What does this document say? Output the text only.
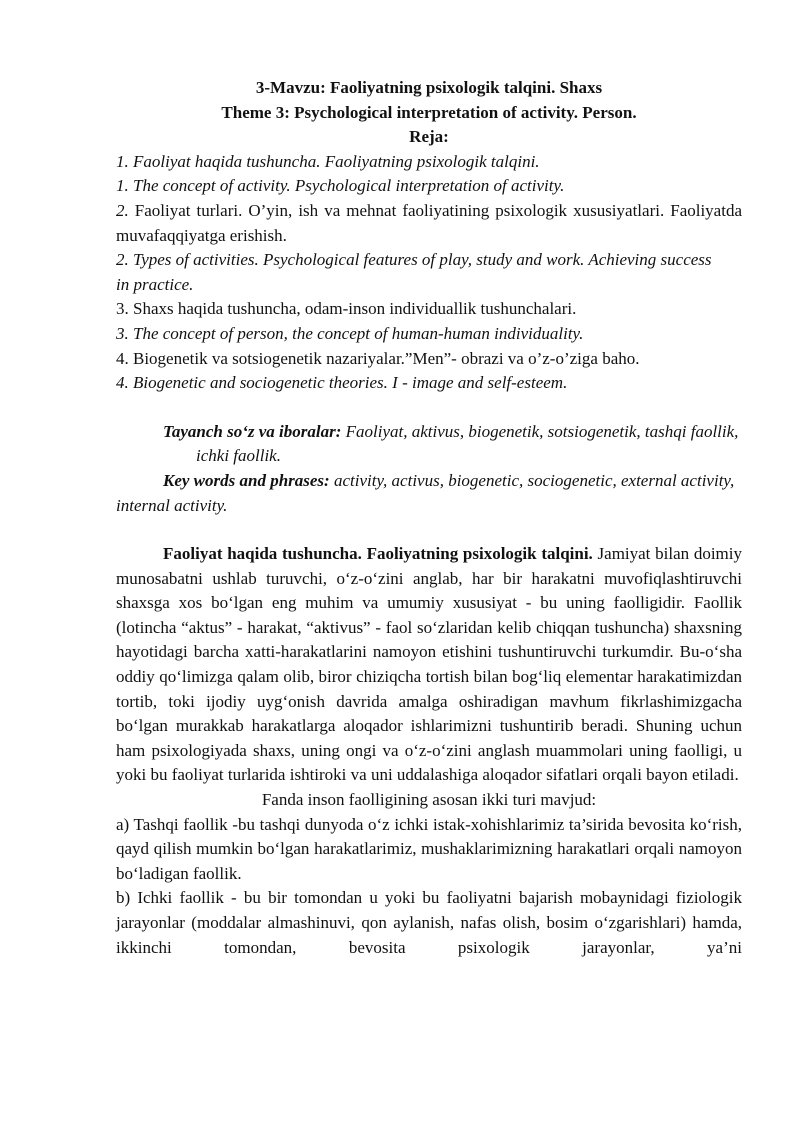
3-Mavzu: Faoliyatning psixologik talqini. Shaxs

Theme 3: Psychological interpretation of activity. Person.

Reja:

1. Faoliyat haqida tushuncha. Faoliyatning psixologik talqini.

1. The concept of activity. Psychological interpretation of activity.

2. Faoliyat turlari. O’yin, ish va mehnat faoliyatining psixologik xususiyatlari. Faoliyatda muvafaqqiyatga erishish.

2. Types of activities. Psychological features of play, study and work. Achieving success in practice.

3. Shaxs haqida tushuncha, odam-inson individuallik tushunchalari.

3. The concept of person, the concept of human-human individuality.

4. Biogenetik va sotsiogenetik nazariyalar.”Men”- obrazi va o’z-o’ziga baho.

4. Biogenetic and sociogenetic theories. I - image and self-esteem.

Tayanch so‘z va iboralar: Faoliyat, aktivus, biogenetik, sotsiogenetik, tashqi faollik,ichki faollik.

Key words and phrases: activity, activus, biogenetic, sociogenetic, external activity, internal activity.

Faoliyat haqida tushuncha. Faoliyatning psixologik talqini. Jamiyat bilan doimiy munosabatni ushlab turuvchi, o‘z-o‘zini anglab, har bir harakatni muvofiqlashtiruvchi shaxsga xos bo‘lgan eng muhim va umumiy xususiyat - bu uning faolligidir. Faollik (lotincha “aktus” - harakat, “aktivus” - faol so‘zlaridan kelib chiqqan tushuncha) shaxsning hayotidagi barcha xatti-harakatlarini namoyon etishini tushuntiruvchi turkumdir. Bu-o‘sha oddiy qo‘limizga qalam olib, biror chiziqcha tortish bilan bog‘liq elementar harakatimizdan tortib, toki ijodiy uyg‘onish davrida amalga oshiradigan mavhum fikrlashimizgacha bo‘lgan murakkab harakatlarga aloqador ishlarimizni tushuntirib beradi. Shuning uchun ham psixologiyada shaxs, uning ongi va o‘z-o‘zini anglash muammolari uning faolligi, u yoki bu faoliyat turlarida ishtiroki va uni uddalashiga aloqador sifatlari orqali bayon etiladi.

Fanda inson faolligining asosan ikki turi mavjud:

a) Tashqi faollik -bu tashqi dunyoda o‘z ichki istak-xohishlarimiz ta’sirida bevosita ko‘rish, qayd qilish mumkin bo‘lgan harakatlarimiz, mushaklarimizning harakatlari orqali namoyon bo‘ladigan faollik.

b) Ichki faollik - bu bir tomondan u yoki bu faoliyatni bajarish mobaynidagi fiziologik jarayonlar (moddalar almashinuvi, qon aylanish, nafas olish, bosim o‘zgarishlari) hamda, ikkinchi tomondan, bevosita psixologik jarayonlar, ya’ni
